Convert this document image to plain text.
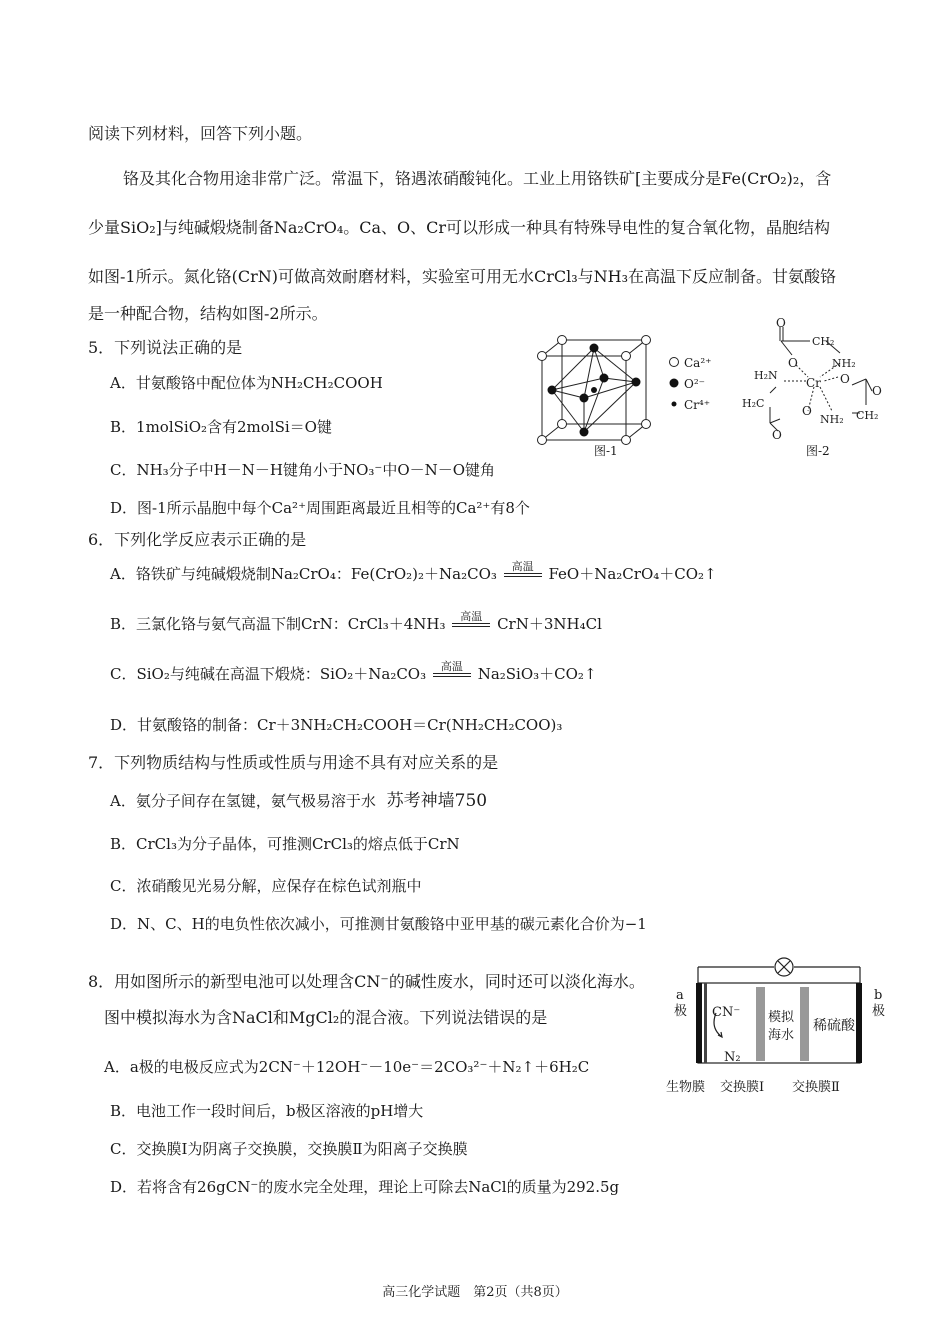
阅读下列材料，回答下列小题。
铬及其化合物用途非常广泛。常温下，铬遇浓硝酸钝化。工业上用铬铁矿[主要成分是Fe(CrO₂)₂，含
少量SiO₂]与纯碱煅烧制备Na₂CrO₄。Ca、O、Cr可以形成一种具有特殊导电性的复合氧化物，晶胞结构
如图-1所示。氮化铬(CrN)可做高效耐磨材料，实验室可用无水CrCl₃与NH₃在高温下反应制备。甘氨酸铬
是一种配合物，结构如图-2所示。
5．下列说法正确的是
A．甘氨酸铬中配位体为NH₂CH₂COOH
B．1molSiO₂含有2molSi＝O键
C．NH₃分子中H－N－H键角小于NO₃⁻中O－N－O键角
D．图-1所示晶胞中每个Ca²⁺周围距离最近且相等的Ca²⁺有8个
Ca²⁺
O²⁻
Cr⁴⁺
图-1
O
CH₂
O	NH₂
H₂N
Cr O
O
H₂C
O
NH₂ CH₂
O
图-2
6．下列化学反应表示正确的是
A．铬铁矿与纯碱煅烧制Na₂CrO₄：Fe(CrO₂)₂＋Na₂CO₃	高温 FeO＋Na₂CrO₄＋CO₂↑
B．三氯化铬与氨气高温下制CrN：CrCl₃＋4NH₃	高温 CrN＋3NH₄Cl
C．SiO₂与纯碱在高温下煅烧：SiO₂＋Na₂CO₃	高温 Na₂SiO₃＋CO₂↑
D．甘氨酸铬的制备：Cr＋3NH₂CH₂COOH＝Cr(NH₂CH₂COO)₃
7．下列物质结构与性质或性质与用途不具有对应关系的是
A．氨分子间存在氢键，氨气极易溶于水 苏考神墙750
B．CrCl₃为分子晶体，可推测CrCl₃的熔点低于CrN
C．浓硝酸见光易分解，应保存在棕色试剂瓶中
D．N、C、H的电负性依次减小，可推测甘氨酸铬中亚甲基的碳元素化合价为−1
8．用如图所示的新型电池可以处理含CN⁻的碱性废水，同时还可以淡化海水。
图中模拟海水为含NaCl和MgCl₂的混合液。下列说法错误的是
A．a极的电极反应式为2CN⁻＋12OH⁻－10e⁻＝2CO₃²⁻＋N₂↑＋6H₂C
B．电池工作一段时间后，b极区溶液的pH增大
C．交换膜Ⅰ为阴离子交换膜，交换膜Ⅱ为阳离子交换膜
D．若将含有26gCN⁻的废水完全处理，理论上可除去NaCl的质量为292.5g
a
极
b
极
CN⁻
N₂
模拟
海水
稀硫酸
生物膜 交换膜Ⅰ 交换膜Ⅱ
高三化学试题　第2页（共8页）
